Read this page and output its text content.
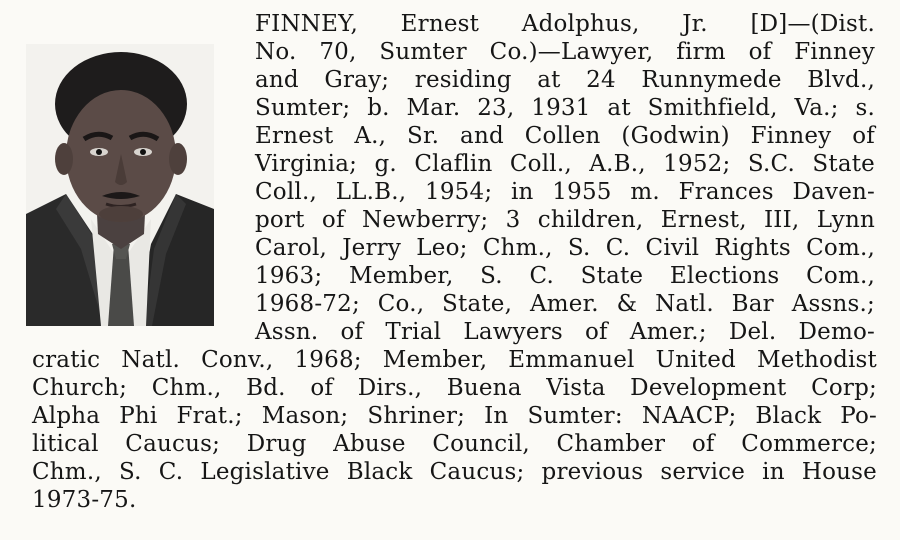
FINNEY, Ernest Adolphus, Jr. [D]—(Dist.
No. 70, Sumter Co.)—Lawyer, firm of Finney
and Gray; residing at 24 Runnymede Blvd.,
Sumter; b. Mar. 23, 1931 at Smithfield, Va.; s.
Ernest A., Sr. and Collen (Godwin) Finney of
Virginia; g. Claflin Coll., A.B., 1952; S.C. State
Coll., LL.B., 1954; in 1955 m. Frances Daven-
port of Newberry; 3 children, Ernest, III, Lynn
Carol, Jerry Leo; Chm., S. C. Civil Rights Com.,
1963; Member, S. C. State Elections Com.,
1968-72; Co., State, Amer. & Natl. Bar Assns.;
Assn. of Trial Lawyers of Amer.; Del. Demo-
cratic Natl. Conv., 1968; Member, Emmanuel United Methodist
Church; Chm., Bd. of Dirs., Buena Vista Development Corp;
Alpha Phi Frat.; Mason; Shriner; In Sumter: NAACP; Black Po-
litical Caucus; Drug Abuse Council, Chamber of Commerce;
Chm., S. C. Legislative Black Caucus; previous service in House
1973-75.
